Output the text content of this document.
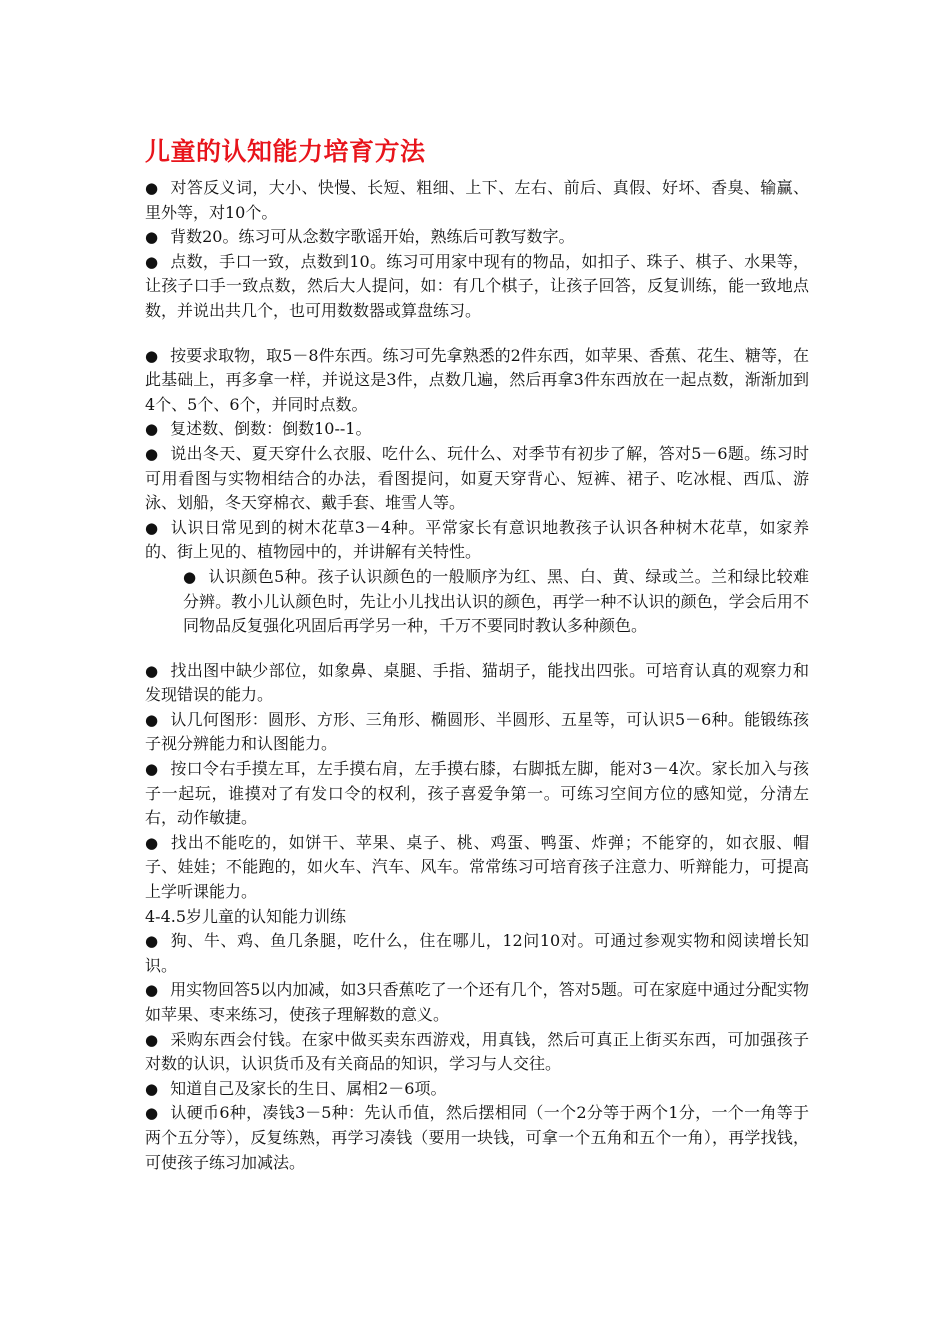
儿童的认知能力培育方法

● 对答反义词，大小、快慢、长短、粗细、上下、左右、前后、真假、好坏、香臭、输赢、里外等，对10个。

● 背数20。练习可从念数字歌谣开始，熟练后可教写数字。

● 点数，手口一致，点数到10。练习可用家中现有的物品，如扣子、珠子、棋子、水果等，让孩子口手一致点数，然后大人提问，如：有几个棋子，让孩子回答，反复训练，能一致地点数，并说出共几个，也可用数数器或算盘练习。

● 按要求取物，取5－8件东西。练习可先拿熟悉的2件东西，如苹果、香蕉、花生、糖等，在此基础上，再多拿一样，并说这是3件，点数几遍，然后再拿3件东西放在一起点数，渐渐加到4个、5个、6个，并同时点数。

● 复述数、倒数：倒数10--1。

● 说出冬天、夏天穿什么衣服、吃什么、玩什么、对季节有初步了解，答对5－6题。练习时可用看图与实物相结合的办法，看图提问，如夏天穿背心、短裤、裙子、吃冰棍、西瓜、游泳、划船，冬天穿棉衣、戴手套、堆雪人等。

● 认识日常见到的树木花草3－4种。平常家长有意识地教孩子认识各种树木花草，如家养的、街上见的、植物园中的，并讲解有关特性。

● 认识颜色5种。孩子认识颜色的一般顺序为红、黑、白、黄、绿或兰。兰和绿比较难分辨。教小儿认颜色时，先让小儿找出认识的颜色，再学一种不认识的颜色，学会后用不同物品反复强化巩固后再学另一种，千万不要同时教认多种颜色。

● 找出图中缺少部位，如象鼻、桌腿、手指、猫胡子，能找出四张。可培育认真的观察力和发现错误的能力。

● 认几何图形：圆形、方形、三角形、椭圆形、半圆形、五星等，可认识5－6种。能锻练孩子视分辨能力和认图能力。

● 按口令右手摸左耳，左手摸右肩，左手摸右膝，右脚抵左脚，能对3－4次。家长加入与孩子一起玩，谁摸对了有发口令的权利，孩子喜爱争第一。可练习空间方位的感知觉，分清左右，动作敏捷。

● 找出不能吃的，如饼干、苹果、桌子、桃、鸡蛋、鸭蛋、炸弹；不能穿的，如衣服、帽子、娃娃；不能跑的，如火车、汽车、风车。常常练习可培育孩子注意力、听辩能力，可提高上学听课能力。

4-4.5岁儿童的认知能力训练

● 狗、牛、鸡、鱼几条腿，吃什么，住在哪儿，12问10对。可通过参观实物和阅读增长知识。

● 用实物回答5以内加减，如3只香蕉吃了一个还有几个，答对5题。可在家庭中通过分配实物如苹果、枣来练习，使孩子理解数的意义。

● 采购东西会付钱。在家中做买卖东西游戏，用真钱，然后可真正上街买东西，可加强孩子对数的认识，认识货币及有关商品的知识，学习与人交往。

● 知道自己及家长的生日、属相2－6项。

● 认硬币6种，凑钱3－5种：先认币值，然后摆相同（一个2分等于两个1分，一个一角等于两个五分等），反复练熟，再学习凑钱（要用一块钱，可拿一个五角和五个一角），再学找钱，可使孩子练习加减法。
